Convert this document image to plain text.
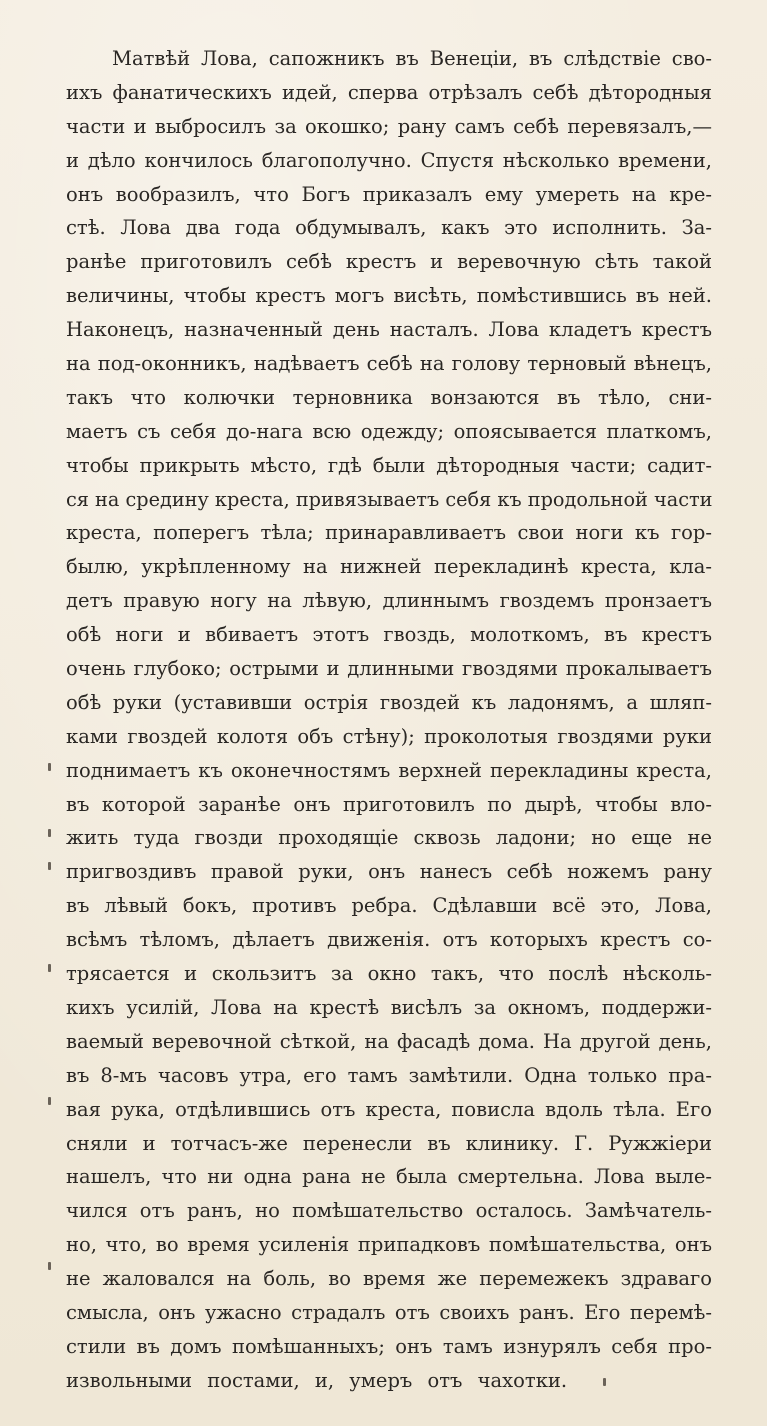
Матвѣй Лова, сапожникъ въ Венеціи, въ слѣдствіе сво-
ихъ фанатическихъ идей, сперва отрѣзалъ себѣ дѣтородныя
части и выбросилъ за окошко; рану самъ себѣ перевязалъ,—
и дѣло кончилось благополучно. Спустя нѣсколько времени,
онъ вообразилъ, что Богъ приказалъ ему умереть на кре-
стѣ. Лова два года обдумывалъ, какъ это исполнить. За-
ранѣе приготовилъ себѣ крестъ и веревочную сѣть такой
величины, чтобы крестъ могъ висѣть, помѣстившись въ ней.
Наконецъ, назначенный день насталъ. Лова кладетъ крестъ
на под-оконникъ, надѣваетъ себѣ на голову терновый вѣнецъ,
такъ что колючки терновника вонзаются въ тѣло, сни-
маетъ съ себя до-нага всю одежду; опоясывается платкомъ,
чтобы прикрыть мѣсто, гдѣ были дѣтородныя части; садит-
ся на средину креста, привязываетъ себя къ продольной части
креста, поперегъ тѣла; принаравливаетъ свои ноги къ гор-
былю, укрѣпленному на нижней перекладинѣ креста, кла-
детъ правую ногу на лѣвую, длиннымъ гвоздемъ пронзаетъ
обѣ ноги и вбиваетъ этотъ гвоздь, молоткомъ, въ крестъ
очень глубоко; острыми и длинными гвоздями прокалываетъ
обѣ руки (уставивши острія гвоздей къ ладонямъ, а шляп-
ками гвоздей колотя объ стѣну); проколотыя гвоздями руки
поднимаетъ къ оконечностямъ верхней перекладины креста,
въ которой заранѣе онъ приготовилъ по дырѣ, чтобы вло-
жить туда гвозди проходящіе сквозь ладони; но еще не
пригвоздивъ правой руки, онъ нанесъ себѣ ножемъ рану
въ лѣвый бокъ, противъ ребра. Сдѣлавши всё это, Лова,
всѣмъ тѣломъ, дѣлаетъ движенія. отъ которыхъ крестъ со-
трясается и скользитъ за окно такъ, что послѣ нѣсколь-
кихъ усилій, Лова на крестѣ висѣлъ за окномъ, поддержи-
ваемый веревочной сѣткой, на фасадѣ дома. На другой день,
въ 8-мъ часовъ утра, его тамъ замѣтили. Одна только пра-
вая рука, отдѣлившись отъ креста, повисла вдоль тѣла. Его
сняли и тотчасъ-же перенесли въ клинику. Г. Ружжіери
нашелъ, что ни одна рана не была смертельна. Лова выле-
чился отъ ранъ, но помѣшательство осталось. Замѣчатель-
но, что, во время усиленія припадковъ помѣшательства, онъ
не жаловался на боль, во время же перемежекъ здраваго
смысла, онъ ужасно страдалъ отъ своихъ ранъ. Его перемѣ-
стили въ домъ помѣшанныхъ; онъ тамъ изнурялъ себя про-
извольными постами, и, умеръ отъ чахотки.
